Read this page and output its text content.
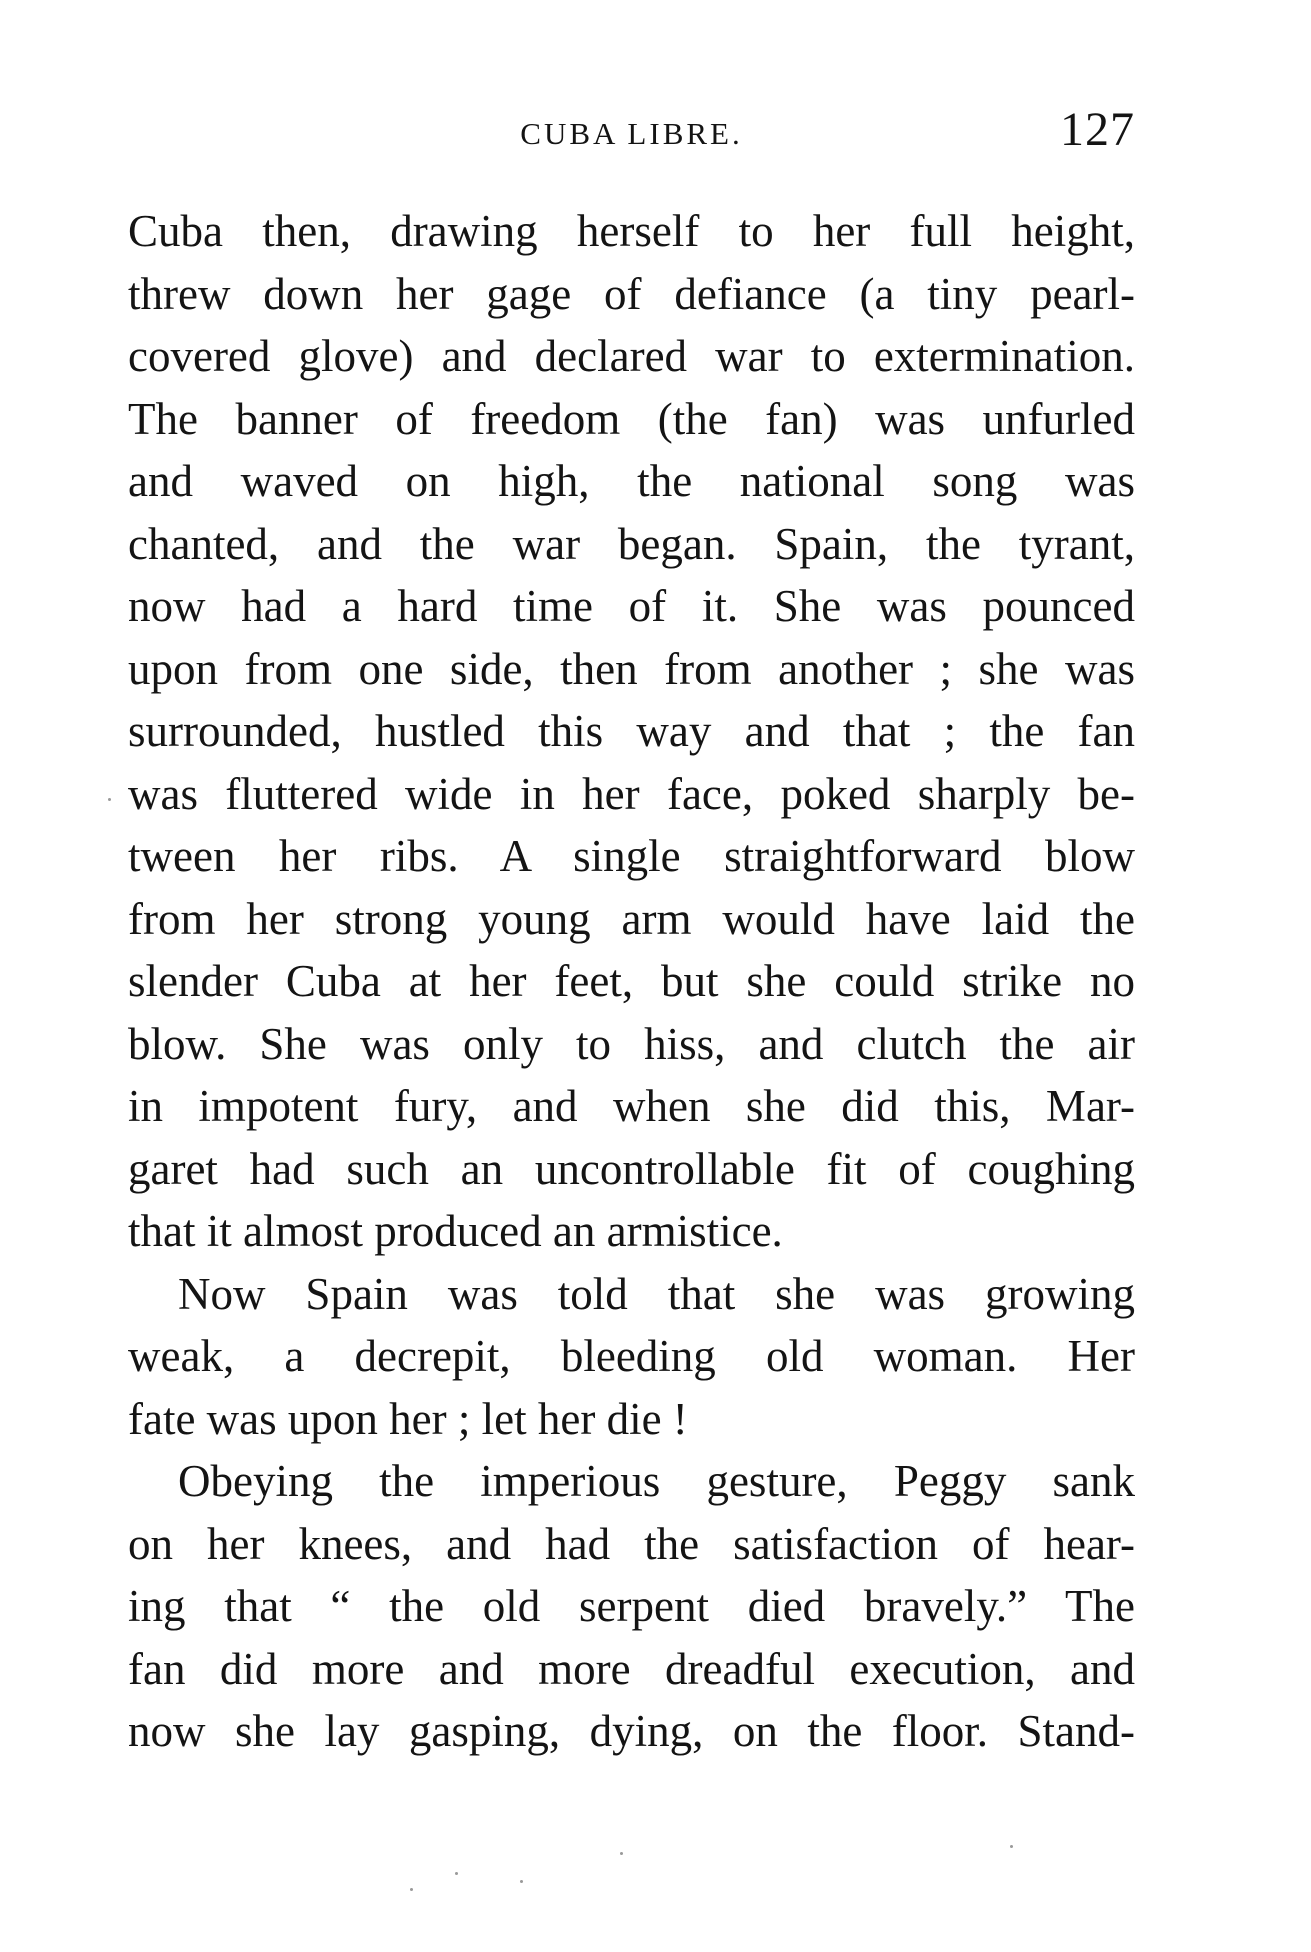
CUBA LIBRE.	127
Cuba then, drawing herself to her full height,
threw down her gage of defiance (a tiny pearl-
covered glove) and declared war to extermination.
The banner of freedom (the fan) was unfurled
and waved on high, the national song was
chanted, and the war began. Spain, the tyrant,
now had a hard time of it. She was pounced
upon from one side, then from another ; she was
surrounded, hustled this way and that ; the fan
was fluttered wide in her face, poked sharply be-
tween her ribs. A single straightforward blow
from her strong young arm would have laid the
slender Cuba at her feet, but she could strike no
blow. She was only to hiss, and clutch the air
in impotent fury, and when she did this, Mar-
garet had such an uncontrollable fit of coughing
that it almost produced an armistice.
Now Spain was told that she was growing
weak, a decrepit, bleeding old woman. Her
fate was upon her ; let her die !
Obeying the imperious gesture, Peggy sank
on her knees, and had the satisfaction of hear-
ing that “ the old serpent died bravely.” The
fan did more and more dreadful execution, and
now she lay gasping, dying, on the floor. Stand-
